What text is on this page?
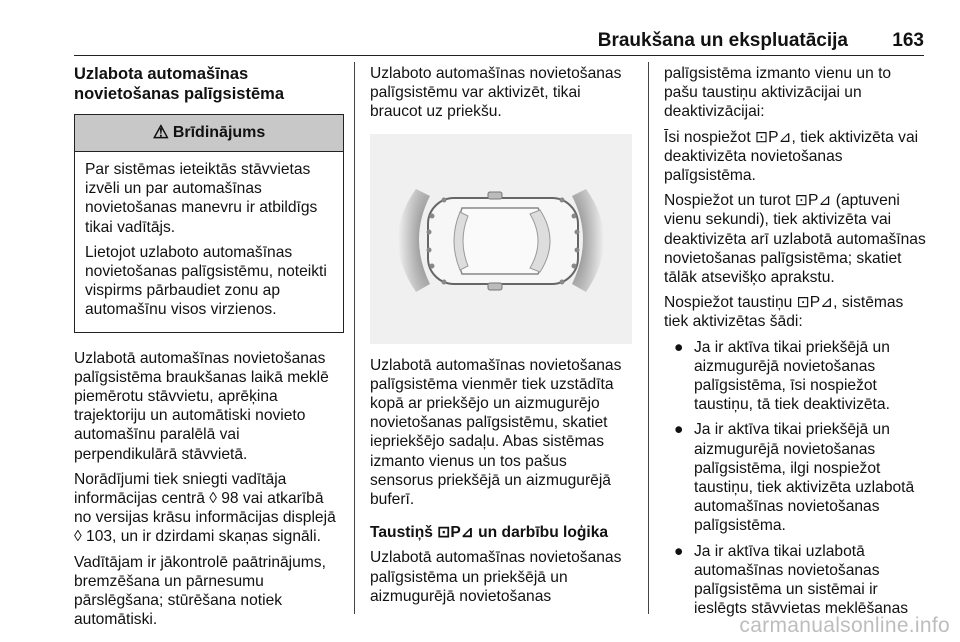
Braukšana un ekspluatācija 163
Uzlabota automašīnas
novietošanas palīgsistēma
⚠ Brīdinājums

Par sistēmas ieteiktās stāvvietas izvēli un par automašīnas novietošanas manevru ir atbildīgs tikai vadītājs.

Lietojot uzlaboto automašīnas novietošanas palīgsistēmu, noteikti vispirms pārbaudiet zonu ap automašīnu visos virzienos.

Uzlabotā automašīnas novietošanas palīgsistēma braukšanas laikā meklē piemērotu stāvvietu, aprēķina trajektoriju un automātiski novieto automašīnu paralēlā vai perpendikulārā stāvvietā.

Norādījumi tiek sniegti vadītāja informācijas centrā ◊ 98 vai atkarībā no versijas krāsu informācijas displejā ◊ 103, un ir dzirdami skaņas signāli.

Vadītājam ir jākontrolē paātrinājums, bremzēšana un pārnesumu pārslēgšana; stūrēšana notiek automātiski.

Uzlaboto automašīnas novietošanas palīgsistēmu var aktivizēt, tikai braucot uz priekšu.

Uzlabotā automašīnas novietošanas palīgsistēma vienmēr tiek uzstādīta kopā ar priekšējo un aizmugurējo novietošanas palīgsistēmu, skatiet iepriekšējo sadaļu. Abas sistēmas izmanto vienus un tos pašus sensorus priekšējā un aizmugurējā buferī.

Taustiņš ⊡P⊿ un darbību loģika

Uzlabotā automašīnas novietošanas palīgsistēma un priekšējā un aizmugurējā novietošanas

palīgsistēma izmanto vienu un to pašu taustiņu aktivizācijai un deaktivizācijai:

Īsi nospiežot ⊡P⊿, tiek aktivizēta vai deaktivizēta novietošanas palīgsistēma.

Nospiežot un turot ⊡P⊿ (aptuveni vienu sekundi), tiek aktivizēta vai deaktivizēta arī uzlabotā automašīnas novietošanas palīgsistēma; skatiet tālāk atsevišķo aprakstu.

Nospiežot taustiņu ⊡P⊿, sistēmas tiek aktivizētas šādi:

● Ja ir aktīva tikai priekšējā un aizmugurējā novietošanas palīgsistēma, īsi nospiežot taustiņu, tā tiek deaktivizēta.
● Ja ir aktīva tikai priekšējā un aizmugurējā novietošanas palīgsistēma, ilgi nospiežot taustiņu, tiek aktivizēta uzlabotā automašīnas novietošanas palīgsistēma.
● Ja ir aktīva tikai uzlabotā automašīnas novietošanas palīgsistēma un sistēmai ir ieslēgts stāvvietas meklēšanas
carmanualsonline.info
